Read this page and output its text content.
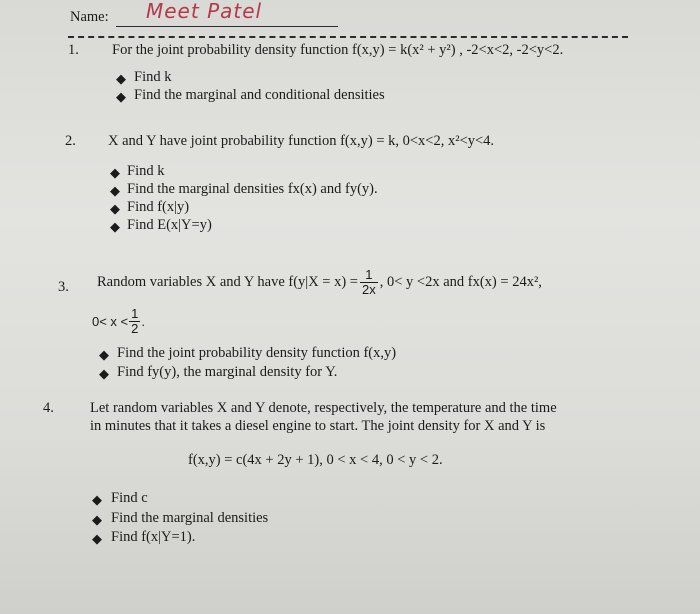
Name: Meet Patel
1. For the joint probability density function f(x,y) = k(x² + y²) , -2<x<2, -2<y<2.
◆ Find k
◆ Find the marginal and conditional densities
2. X and Y have joint probability function f(x,y) = k, 0<x<2, x²<y<4.
◆ Find k
◆ Find the marginal densities fx(x) and fy(y).
◆ Find f(x|y)
◆ Find E(x|Y=y)
3. Random variables X and Y have $f(y|X = x) = \frac{1}{2x}$ , 0< y <2x and fx(x) = 24x²,
$0< x < \frac{1}{2}$ .
◆ Find the joint probability density function f(x,y)
◆ Find fy(y), the marginal density for Y.
4. Let random variables X and Y denote, respectively, the temperature and the time
in minutes that it takes a diesel engine to start. The joint density for X and Y is
f(x,y) = c(4x + 2y + 1), 0 < x < 4, 0 < y < 2.
◆ Find c
◆ Find the marginal densities
◆ Find f(x|Y=1).
